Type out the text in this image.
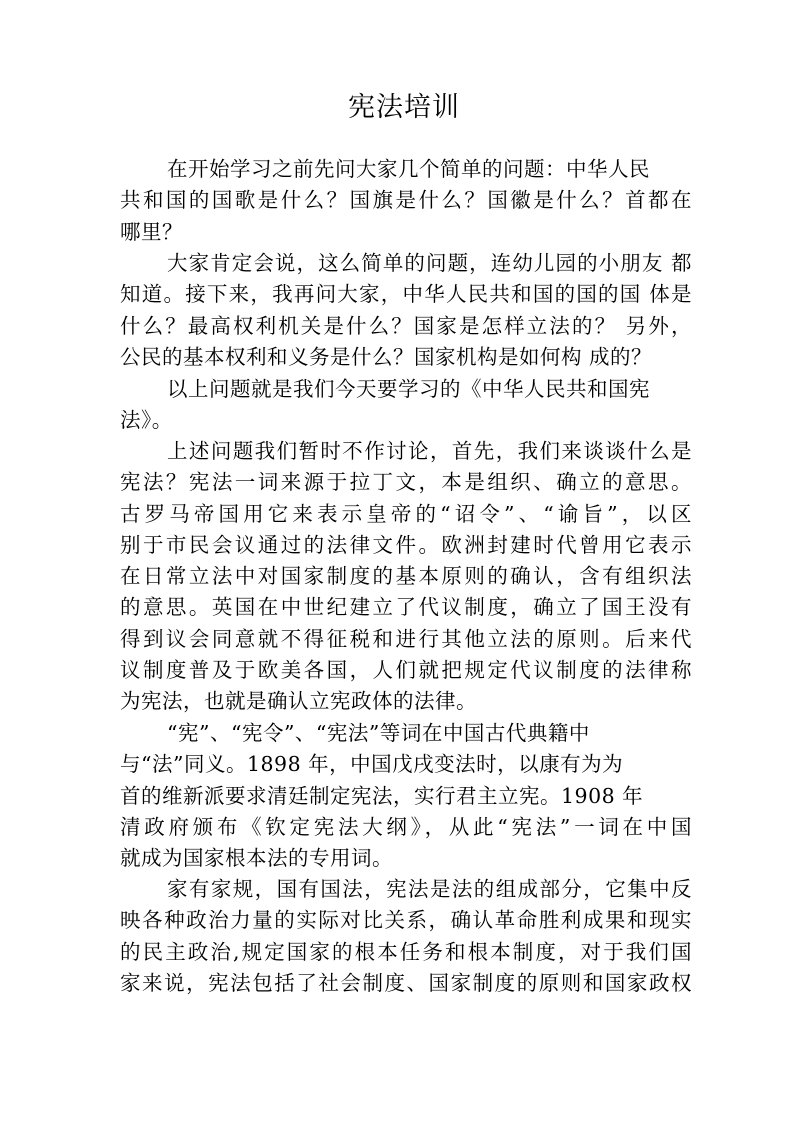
宪法培训
在开始学习之前先问大家几个简单的问题：中华人民
共和国的国歌是什么？国旗是什么？国徽是什么？首都在
哪里？
大家肯定会说，这么简单的问题，连幼儿园的小朋友 都
知道。接下来，我再问大家，中华人民共和国的国的国 体是
什么？最高权利机关是什么？国家是怎样立法的？ 另外，
公民的基本权利和义务是什么？国家机构是如何构 成的？
以上问题就是我们今天要学习的《中华人民共和国宪
法》。
上述问题我们暂时不作讨论，首先，我们来谈谈什么是
宪法？宪法一词来源于拉丁文，本是组织、确立的意思。
古罗马帝国用它来表示皇帝的“诏令”、“谕旨”，以区
别于市民会议通过的法律文件。欧洲封建时代曾用它表示
在日常立法中对国家制度的基本原则的确认，含有组织法
的意思。英国在中世纪建立了代议制度，确立了国王没有
得到议会同意就不得征税和进行其他立法的原则。后来代
议制度普及于欧美各国，人们就把规定代议制度的法律称
为宪法，也就是确认立宪政体的法律。
“宪”、“宪令”、“宪法”等词在中国古代典籍中
与“法”同义。1898 年，中国戊戌变法时，以康有为为
首的维新派要求清廷制定宪法，实行君主立宪。1908 年
清政府颁布《钦定宪法大纲》，从此“宪法”一词在中国
就成为国家根本法的专用词。
家有家规，国有国法，宪法是法的组成部分，它集中反
映各种政治力量的实际对比关系，确认革命胜利成果和现实
的民主政治,规定国家的根本任务和根本制度，对于我们国
家来说，宪法包括了社会制度、国家制度的原则和国家政权
